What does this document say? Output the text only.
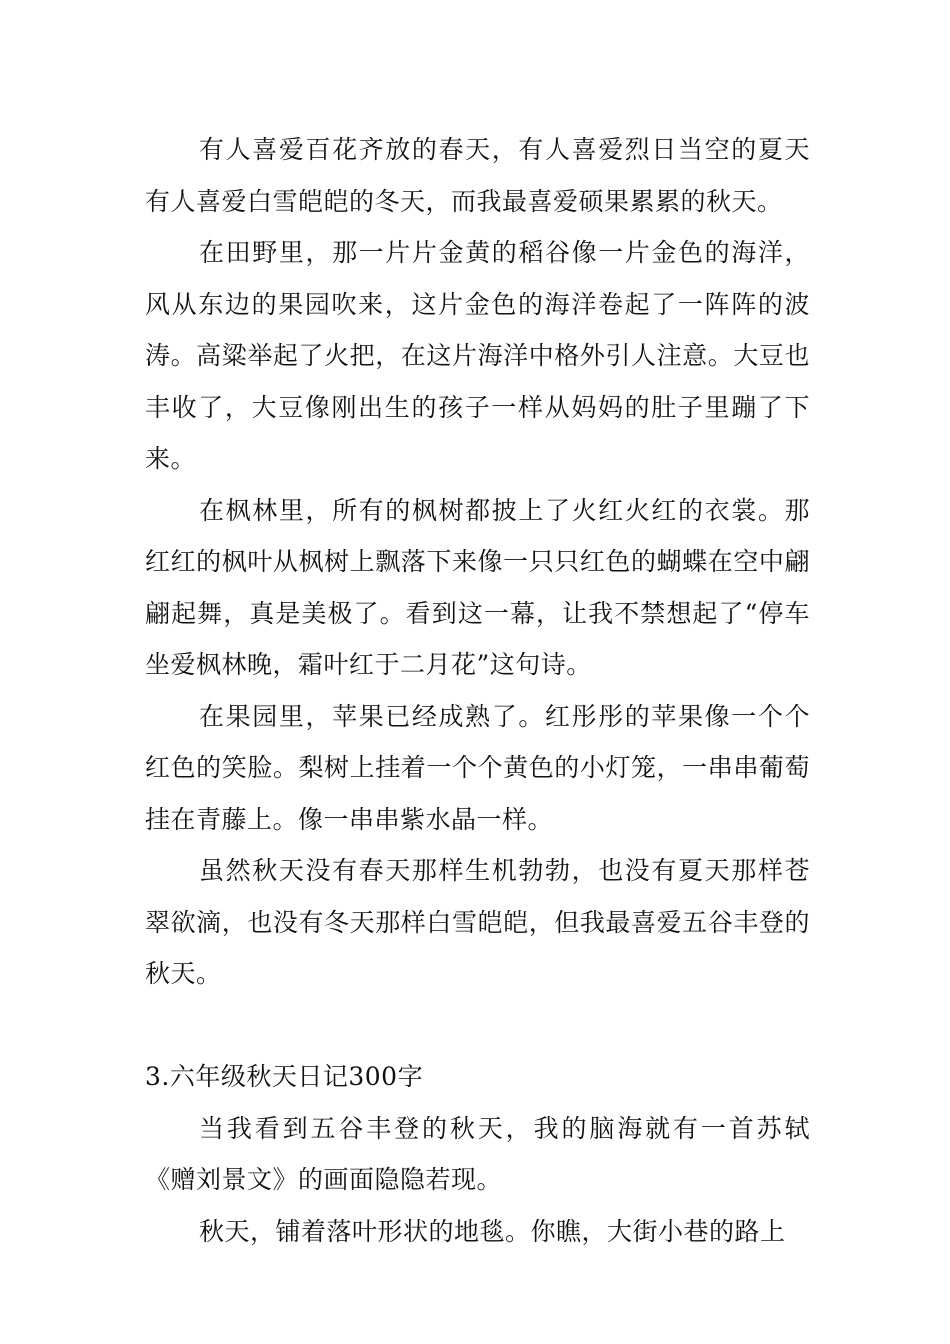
有人喜爱百花齐放的春天，有人喜爱烈日当空的夏天有人喜爱白雪皑皑的冬天，而我最喜爱硕果累累的秋天。

在田野里，那一片片金黄的稻谷像一片金色的海洋，风从东边的果园吹来，这片金色的海洋卷起了一阵阵的波涛。高粱举起了火把，在这片海洋中格外引人注意。大豆也丰收了，大豆像刚出生的孩子一样从妈妈的肚子里蹦了下来。

在枫林里，所有的枫树都披上了火红火红的衣裳。那红红的枫叶从枫树上飘落下来像一只只红色的蝴蝶在空中翩翩起舞，真是美极了。看到这一幕，让我不禁想起了“停车坐爱枫林晚，霜叶红于二月花”这句诗。

在果园里，苹果已经成熟了。红彤彤的苹果像一个个红色的笑脸。梨树上挂着一个个黄色的小灯笼，一串串葡萄挂在青藤上。像一串串紫水晶一样。

虽然秋天没有春天那样生机勃勃，也没有夏天那样苍翠欲滴，也没有冬天那样白雪皑皑，但我最喜爱五谷丰登的秋天。

3.六年级秋天日记300字

当我看到五谷丰登的秋天，我的脑海就有一首苏轼《赠刘景文》的画面隐隐若现。

秋天，铺着落叶形状的地毯。你瞧，大街小巷的路上
